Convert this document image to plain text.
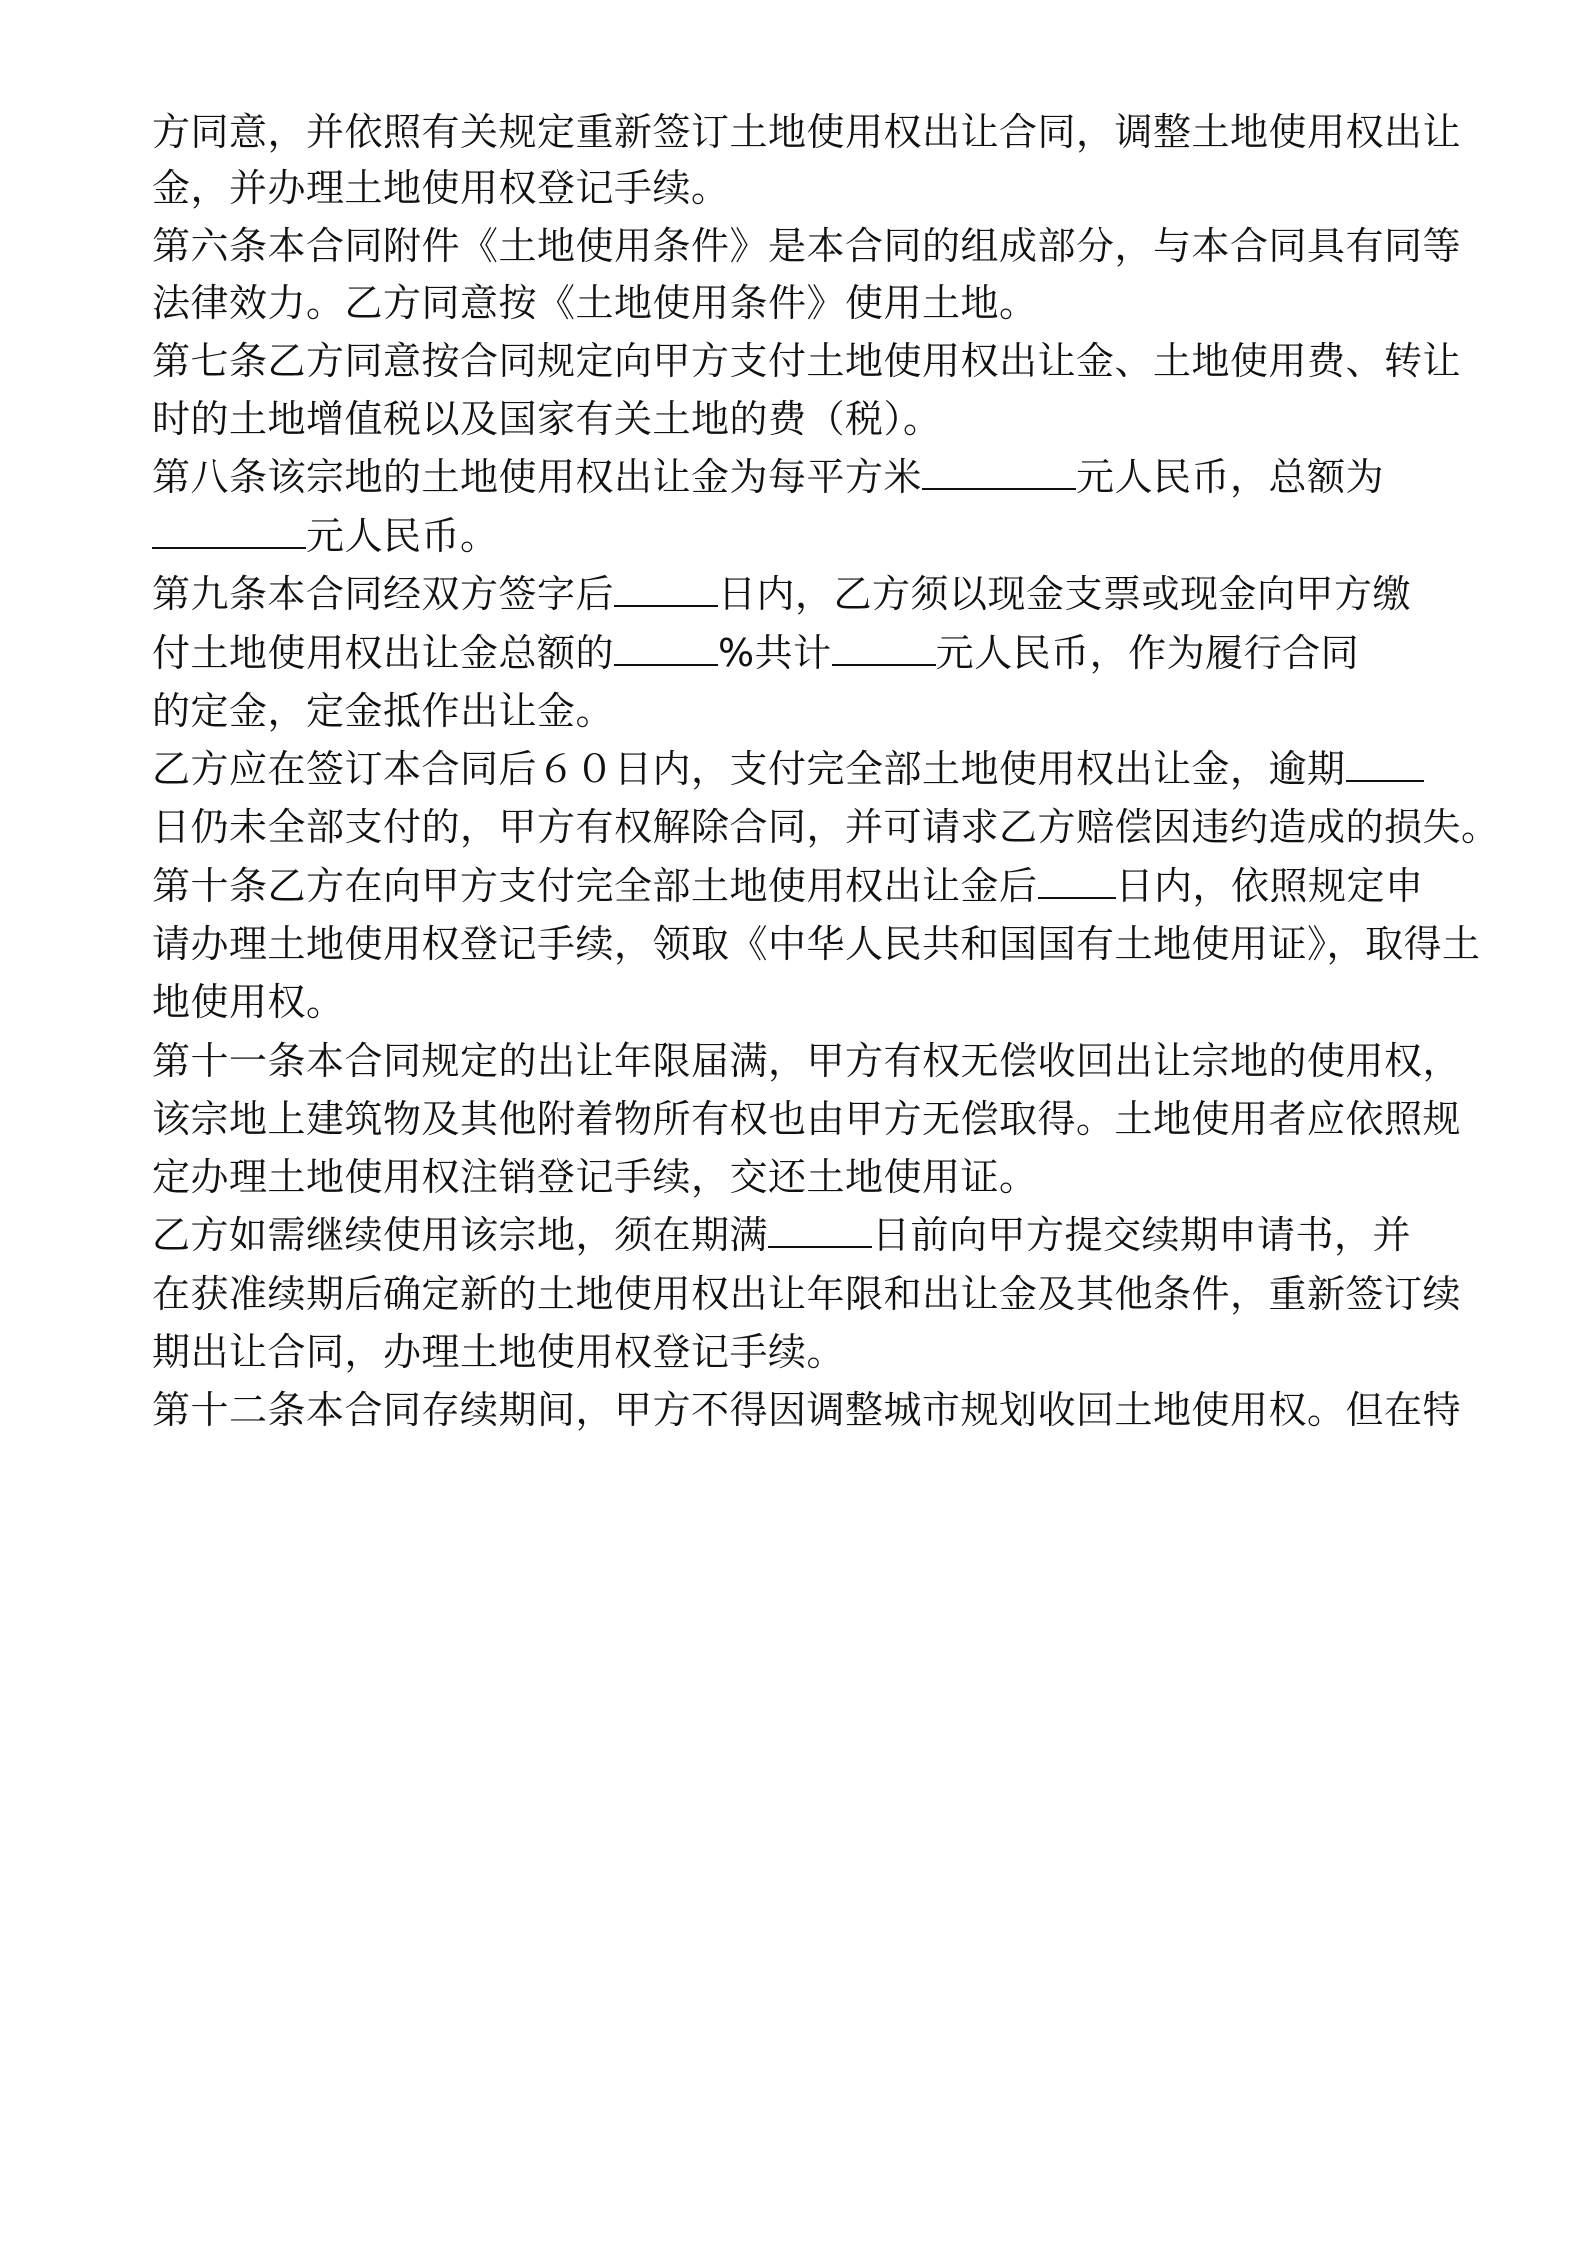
方同意，并依照有关规定重新签订土地使用权出让合同，调整土地使用权出让
金，并办理土地使用权登记手续。
第六条本合同附件《土地使用条件》是本合同的组成部分，与本合同具有同等
法律效力。乙方同意按《土地使用条件》使用土地。
第七条乙方同意按合同规定向甲方支付土地使用权出让金、土地使用费、转让
时的土地增值税以及国家有关土地的费（税）。
第八条该宗地的土地使用权出让金为每平方米	元人民币，总额为
元人民币。
第九条本合同经双方签字后	日内，乙方须以现金支票或现金向甲方缴
付土地使用权出让金总额的	%共计	元人民币，作为履行合同
的定金，定金抵作出让金。
乙方应在签订本合同后６０日内，支付完全部土地使用权出让金，逾期
日仍未全部支付的，甲方有权解除合同，并可请求乙方赔偿因违约造成的损失。
第十条乙方在向甲方支付完全部土地使用权出让金后 日内，依照规定申
请办理土地使用权登记手续，领取《中华人民共和国国有土地使用证》，取得土
地使用权。
第十一条本合同规定的出让年限届满，甲方有权无偿收回出让宗地的使用权，
该宗地上建筑物及其他附着物所有权也由甲方无偿取得。土地使用者应依照规
定办理土地使用权注销登记手续，交还土地使用证。
乙方如需继续使用该宗地，须在期满	日前向甲方提交续期申请书，并
在获准续期后确定新的土地使用权出让年限和出让金及其他条件，重新签订续
期出让合同，办理土地使用权登记手续。
第十二条本合同存续期间，甲方不得因调整城市规划收回土地使用权。但在特
